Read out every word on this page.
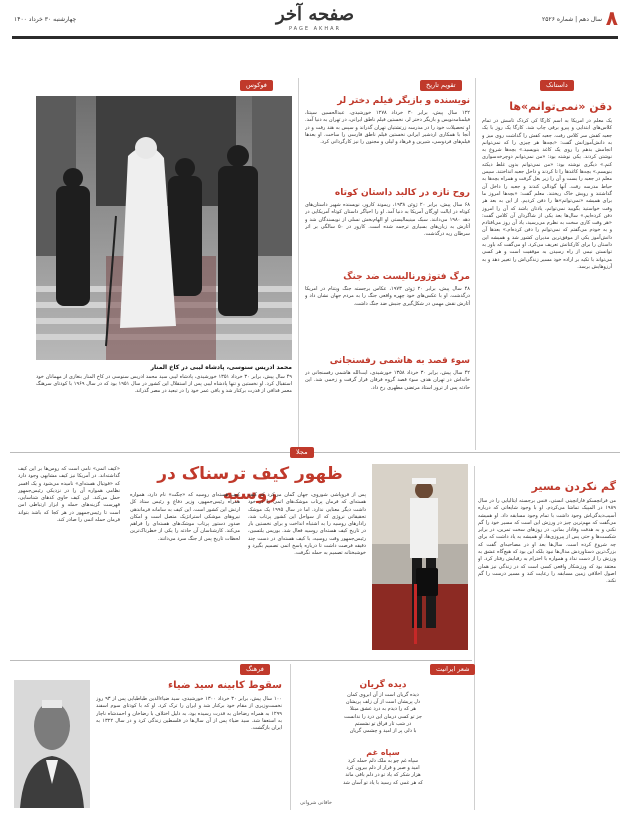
۸
سال دهم | شماره ۲۵۲۶
صفحه آخر
PAGE AKHAR
چهارشنبه ۳۰ خرداد ۱۴۰۰
داستانک
دقن «نمی‌توانم»ها
یک معلم در آمریکا به اسم کارگا کی کردک تاسش در تمام کلاس‌های ابتدایی و پیرو برقی چاپ شد. کارگا یک روز با یک جعبه کفش سر کلاس رفت. جعبه کفش را گذاشت روی میز و به دانش‌آموزانش گفت: «بچه‌ها هر چیزی را که نمی‌توانم انجامش بدهم را روی یک کاغذ بنویسید.» بچه‌ها شروع به نوشتن کردند. یکی نوشته بود: «من نمی‌توانم دوچرخه‌سواری کنم.» دیگری نوشته بود: «من نمی‌توانم بدون غلط دیکته بنویسم.» بچه‌ها کاغذها را تا کردند و داخل جعبه انداختند. سپس معلم در جعبه را بست و آن را زیر بغل گرفت و همراه بچه‌ها به حیاط مدرسه رفت. آنها گودالی کندند و جعبه را داخل آن گذاشتند و رویش خاک ریختند. معلم گفت: «بچه‌ها امروز ما برای همیشه «نمی‌توانم»ها را دفن کردیم. از این به بعد هر وقت خواستید بگویید نمی‌توانم، یادتان باشد که آن را امروز دفن کرده‌ایم.» سال‌ها بعد یکی از شاگردان آن کلاس گفت: «هر وقت کاری سخت به نظرم می‌رسید، یاد آن روز می‌افتادم و به خودم می‌گفتم که نمی‌توانم را دفن کرده‌ام.» بعدها آن دانش‌آموز یکی از موفق‌ترین مدیران کشور شد و همیشه این داستان را برای کارکنانش تعریف می‌کرد. او می‌گفت که باور به توانستن نیمی از راه رسیدن به موفقیت است و هر کسی می‌تواند با تکیه بر اراده خود مسیر زندگی‌اش را تغییر دهد و به آرزوهایش برسد.
تقویم تاریخ
نویسنده و بازیگر فیلم دختر لر
۱۲۲ سال پیش، برابر ۳۰ خرداد ۱۲۷۸ خورشیدی، عبدالحسین سپنتا، فیلمنامه‌نویس و بازیگر دختر لر، نخستین فیلم ناطق ایرانی، در تهران به دنیا آمد. او تحصیلات خود را در مدرسه زرتشتیان تهران گذراند و سپس به هند رفت و در آنجا با همکاری اردشیر ایرانی نخستین فیلم ناطق فارسی را ساخت. او بعدها فیلم‌های فردوسی، شیرین و فرهاد و لیلی و مجنون را نیز کارگردانی کرد.
روح تازه در کالبد داستان کوتاه
۶۸ سال پیش، برابر ۲۰ ژوئن ۱۹۳۸، ریموند کارور، نویسنده شهیر داستان‌های کوتاه در ایالت اورگان آمریکا به دنیا آمد. او را احیاگر داستان کوتاه آمریکایی در دهه ۱۹۸۰ می‌دانند. سبک مینیمالیستی او الهام‌بخش نسلی از نویسندگان شد و آثارش به زبان‌های بسیاری ترجمه شده است. کارور در ۵۰ سالگی بر اثر سرطان ریه درگذشت.
مرگ فتوژورنالیست ضد جنگ
۴۸ سال پیش، برابر ۲۰ ژوئن ۱۹۷۳، عکاس برجسته جنگ ویتنام در آمریکا درگذشت. او با عکس‌های خود چهره واقعی جنگ را به مردم جهان نشان داد و آثارش نقش مهمی در شکل‌گیری جنبش ضد جنگ داشت.
سوء قصد به هاشمی رفسنجانی
۴۲ سال پیش، برابر ۳۰ خرداد ۱۳۵۸ خورشیدی، آیت‌الله هاشمی رفسنجانی در خانه‌اش در تهران هدف سوء قصد گروه فرقان قرار گرفت و زخمی شد. این حادثه پس از ترور استاد مرتضی مطهری رخ داد.
فوکوس
محمد ادریس سنوسی، پادشاه لیبی در کاخ المنار
۴۹ سال پیش، برابر ۳۰ خرداد ۱۳۵۱ خورشیدی، پادشاه لیبی سید محمد ادریس سنوسی در کاخ المنار بنغازی از مهمانان خود استقبال کرد. او نخستین و تنها پادشاه لیبی پس از استقلال این کشور در سال ۱۹۵۱ بود که در سال ۱۹۶۹ با کودتای سرهنگ معمر قذافی از قدرت برکنار شد و باقی عمر خود را در تبعید در مصر گذراند.
مجلا
ظهور کیف ترسناک در روسیه
«کیف اتمی» نامی است که روس‌ها بر این کیف گذاشته‌اند. در آمریکا نیز کیف مشابهی وجود دارد که «فوتبال هسته‌ای» نامیده می‌شود و یک افسر نظامی همواره آن را در نزدیکی رئیس‌جمهور حمل می‌کند. این کیف حاوی کدهای شناسایی، فهرست گزینه‌های حمله و ابزار ارتباطی امن است تا رئیس‌جمهور در هر کجا که باشد بتواند فرمان حمله اتمی را صادر کند.
کیف هسته‌ای روسیه که «چگت» نام دارد، همواره همراه رئیس‌جمهور، وزیر دفاع و رئیس ستاد کل ارتش این کشور است. این کیف به سامانه فرماندهی نیروهای موشکی استراتژیک متصل است و امکان صدور دستور پرتاب موشک‌های هسته‌ای را فراهم می‌کند. کارشناسان آن حادثه را یکی از خطرناک‌ترین لحظات تاریخ پس از جنگ سرد می‌دانند.
پس از فروپاشی شوروی، جهان گمان می‌کرد که کیف هسته‌ای که فرمان پرتاب موشک‌های اتمی را در خود داشت دیگر معنایی ندارد. اما در سال ۱۹۹۵ یک موشک تحقیقاتی نروژی که از سواحل این کشور پرتاب شد، رادارهای روسیه را به اشتباه انداخت و برای نخستین بار در تاریخ کیف هسته‌ای روسیه فعال شد. بوریس یلتسین، رئیس‌جمهور وقت روسیه، با کیف هسته‌ای در دست چند دقیقه فرصت داشت تا درباره پاسخ اتمی تصمیم بگیرد و خوشبختانه تصمیم به حمله نگرفت.
گم نکردن مسیر
من فرانچسکو فارانچینی آنستی، فنس برجسته ایتالیایی را در سال ۱۹۸۹ در المپیک تماشا می‌کردم. او با وجود شایعاتی که درباره آسیب‌دیدگی‌اش وجود داشت با تمام وجود مسابقه داد. او همیشه می‌گفت که مهم‌ترین چیز در ورزش این است که مسیر خود را گم نکنی و به هدفت وفادار بمانی. در روزهای سخت تمرین، در برابر شکست‌ها و حتی پس از پیروزی‌ها، او همیشه به یاد داشت که برای چه شروع کرده است. سال‌ها بعد او در مصاحبه‌ای گفت که بزرگ‌ترین دستاوردش مدال‌ها نبود بلکه این بود که هیچ‌گاه عشق به ورزش را از دست نداد و همواره با احترام به رقبایش رفتار کرد. او معتقد بود که ورزشکار واقعی کسی است که در زندگی نیز همان اصول اخلاقی زمین مسابقه را رعایت کند و مسیر درست را گم نکند.
فرهنگ
سقوط کابینه سید ضیاء
۱۰۰ سال پیش، برابر ۳۰ خرداد ۱۳۰۰ خورشیدی، سید ضیاءالدین طباطبایی پس از ۹۳ روز نخست‌وزیری از مقام خود برکنار شد و ایران را ترک کرد. او که با کودتای سوم اسفند ۱۲۹۹ به همراه رضاخان به قدرت رسیده بود، به دلیل اختلاف با رضاخان و احمدشاه ناچار به استعفا شد. سید ضیاء پس از آن سال‌ها در فلسطین زندگی کرد و در سال ۱۳۲۲ به ایران بازگشت.
شعر ایرانیت
دیده گریان
دیده گریان است از آن ابروی کمان
دل پریشان است از آن زلف پریشان
هر که را دیدم به درد عشق مبتلا
جز تو کسی درمان این درد را ندانست
در شب تار فراق تو نشستم
با دلی پر از امید و چشمی گریان
سپاه غم
سپاه غم چو به ملک دلم حمله کرد
امید و صبر و قرار از دلم بیرون کرد
هزار شکر که یاد تو در دلم باقی ماند
که هر غمی که رسید با یاد تو آسان شد
خاقانی شروانی
